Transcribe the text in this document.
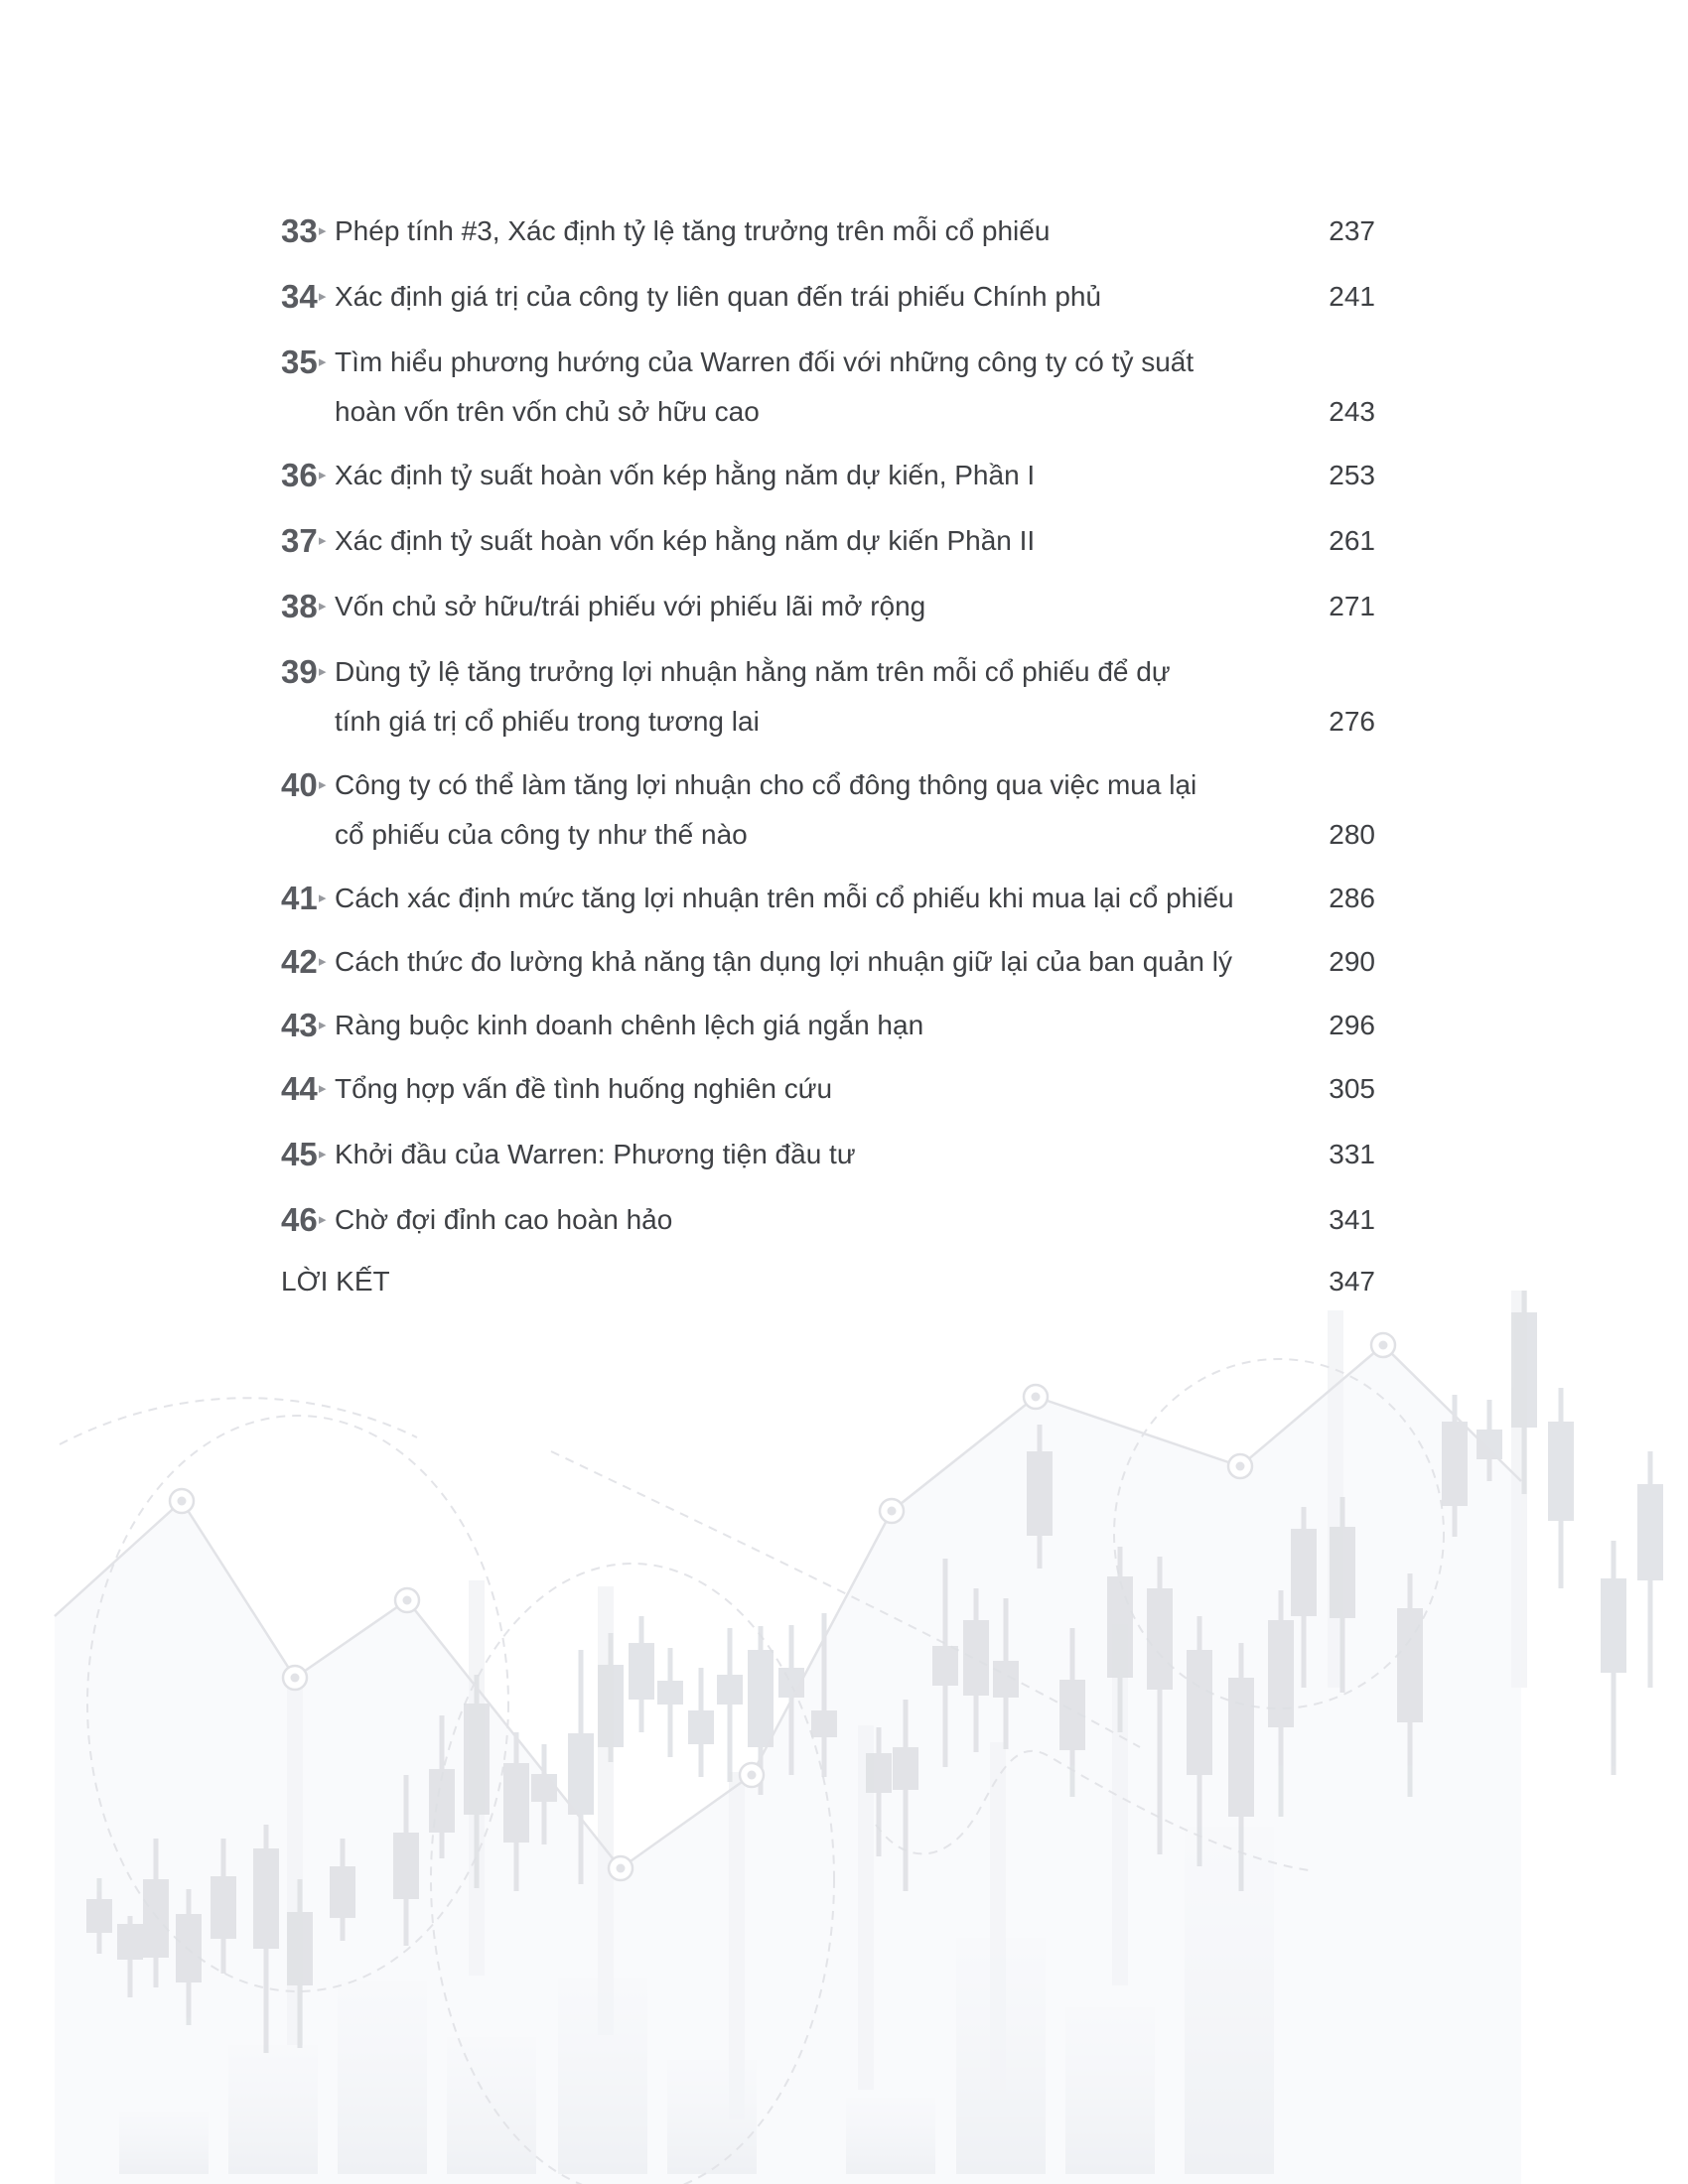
33 ▸ Phép tính #3, Xác định tỷ lệ tăng trưởng trên mỗi cổ phiếu	237
34 ▸ Xác định giá trị của công ty liên quan đến trái phiếu Chính phủ	241
35 ▸ Tìm hiểu phương hướng của Warren đối với những công ty có tỷ suất
hoàn vốn trên vốn chủ sở hữu cao	243
36 ▸ Xác định tỷ suất hoàn vốn kép hằng năm dự kiến, Phần I	253
37 ▸ Xác định tỷ suất hoàn vốn kép hằng năm dự kiến Phần II	261
38 ▸ Vốn chủ sở hữu/trái phiếu với phiếu lãi mở rộng	271
39 ▸ Dùng tỷ lệ tăng trưởng lợi nhuận hằng năm trên mỗi cổ phiếu để dự
tính giá trị cổ phiếu trong tương lai	276
40 ▸ Công ty có thể làm tăng lợi nhuận cho cổ đông thông qua việc mua lại
cổ phiếu của công ty như thế nào	280
41 ▸ Cách xác định mức tăng lợi nhuận trên mỗi cổ phiếu khi mua lại cổ phiếu	286
42 ▸ Cách thức đo lường khả năng tận dụng lợi nhuận giữ lại của ban quản lý	290
43 ▸ Ràng buộc kinh doanh chênh lệch giá ngắn hạn	296
44 ▸ Tổng hợp vấn đề tình huống nghiên cứu	305
45 ▸ Khởi đầu của Warren: Phương tiện đầu tư	331
46 ▸ Chờ đợi đỉnh cao hoàn hảo	341
LỜI KẾT	347
